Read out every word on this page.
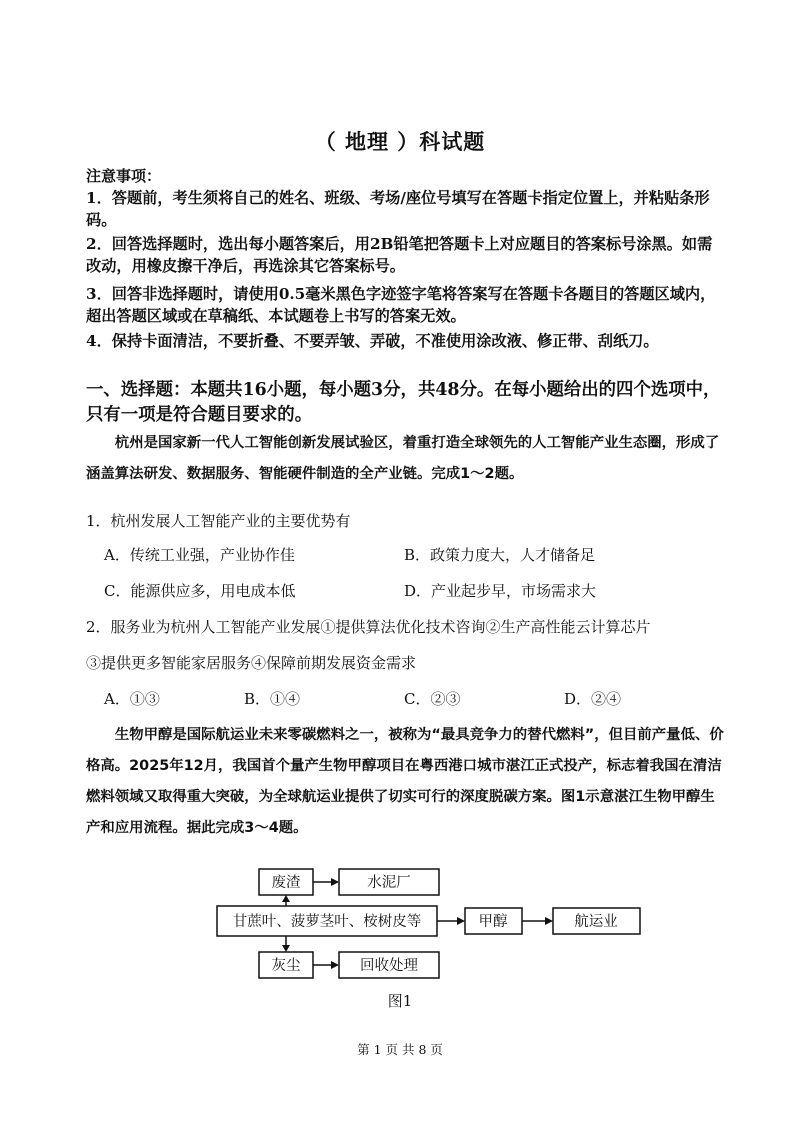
（ 地理 ）科试题
注意事项：
1．答题前，考生须将自己的姓名、班级、考场/座位号填写在答题卡指定位置上，并粘贴条形码。
2．回答选择题时，选出每小题答案后，用2B铅笔把答题卡上对应题目的答案标号涂黑。如需改动，用橡皮擦干净后，再选涂其它答案标号。
3．回答非选择题时，请使用0.5毫米黑色字迹签字笔将答案写在答题卡各题目的答题区域内，超出答题区域或在草稿纸、本试题卷上书写的答案无效。
4．保持卡面清洁，不要折叠、不要弄皱、弄破，不准使用涂改液、修正带、刮纸刀。
一、选择题：本题共16小题，每小题3分，共48分。在每小题给出的四个选项中，只有一项是符合题目要求的。
杭州是国家新一代人工智能创新发展试验区，着重打造全球领先的人工智能产业生态圈，形成了涵盖算法研发、数据服务、智能硬件制造的全产业链。完成1～2题。
1．杭州发展人工智能产业的主要优势有
A．传统工业强，产业协作佳	B．政策力度大，人才储备足
C．能源供应多，用电成本低	D．产业起步早，市场需求大
2．服务业为杭州人工智能产业发展①提供算法优化技术咨询②生产高性能云计算芯片
③提供更多智能家居服务④保障前期发展资金需求
A．①③	B．①④	C．②③	D．②④
生物甲醇是国际航运业未来零碳燃料之一，被称为“最具竞争力的替代燃料”，但目前产量低、价格高。2025年12月，我国首个量产生物甲醇项目在粤西港口城市湛江正式投产，标志着我国在清洁燃料领域又取得重大突破，为全球航运业提供了切实可行的深度脱碳方案。图1示意湛江生物甲醇生产和应用流程。据此完成3～4题。
废渣	水泥厂
甘蔗叶、菠萝茎叶、桉树皮等	甲醇	航运业
灰尘	回收处理
图1
第 1 页 共 8 页
